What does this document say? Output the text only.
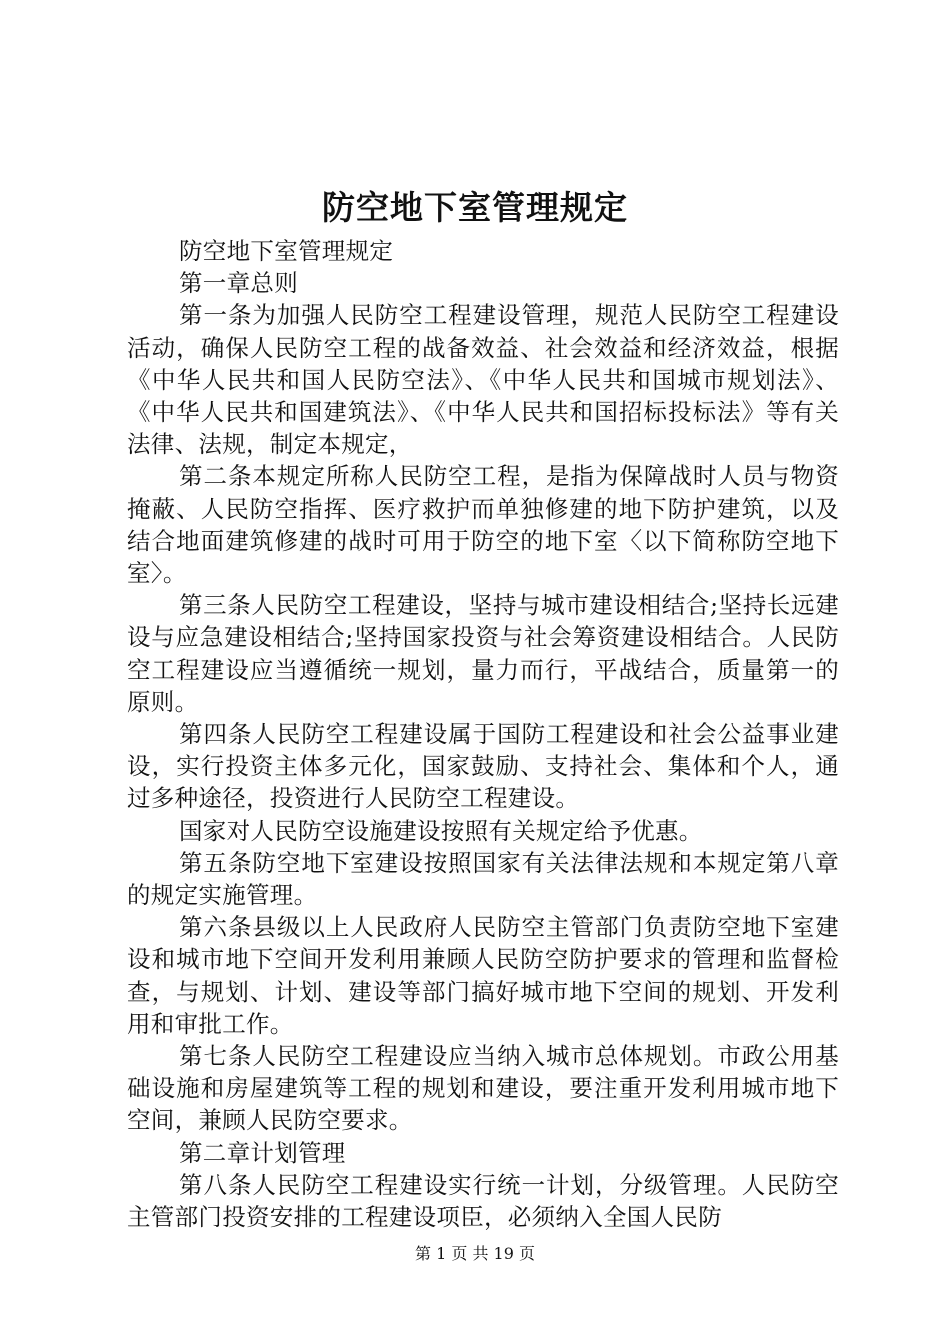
防空地下室管理规定

防空地下室管理规定

第一章总则

第一条为加强人民防空工程建设管理，规范人民防空工程建设活动，确保人民防空工程的战备效益、社会效益和经济效益，根据《中华人民共和国人民防空法》、《中华人民共和国城市规划法》、《中华人民共和国建筑法》、《中华人民共和国招标投标法》等有关法律、法规，制定本规定，

第二条本规定所称人民防空工程，是指为保障战时人员与物资掩蔽、人民防空指挥、医疗救护而单独修建的地下防护建筑，以及结合地面建筑修建的战时可用于防空的地下室〈以下简称防空地下室〉。

第三条人民防空工程建设，坚持与城市建设相结合;坚持长远建设与应急建设相结合;坚持国家投资与社会筹资建设相结合。人民防空工程建设应当遵循统一规划，量力而行，平战结合，质量第一的原则。

第四条人民防空工程建设属于国防工程建设和社会公益事业建设，实行投资主体多元化，国家鼓励、支持社会、集体和个人，通过多种途径，投资进行人民防空工程建设。

国家对人民防空设施建设按照有关规定给予优惠。

第五条防空地下室建设按照国家有关法律法规和本规定第八章的规定实施管理。

第六条县级以上人民政府人民防空主管部门负责防空地下室建设和城市地下空间开发利用兼顾人民防空防护要求的管理和监督检查，与规划、计划、建设等部门搞好城市地下空间的规划、开发利用和审批工作。

第七条人民防空工程建设应当纳入城市总体规划。市政公用基础设施和房屋建筑等工程的规划和建设，要注重开发利用城市地下空间，兼顾人民防空要求。

第二章计划管理

第八条人民防空工程建设实行统一计划，分级管理。人民防空主管部门投资安排的工程建设项臣，必须纳入全国人民防

第 1 页 共 19 页
